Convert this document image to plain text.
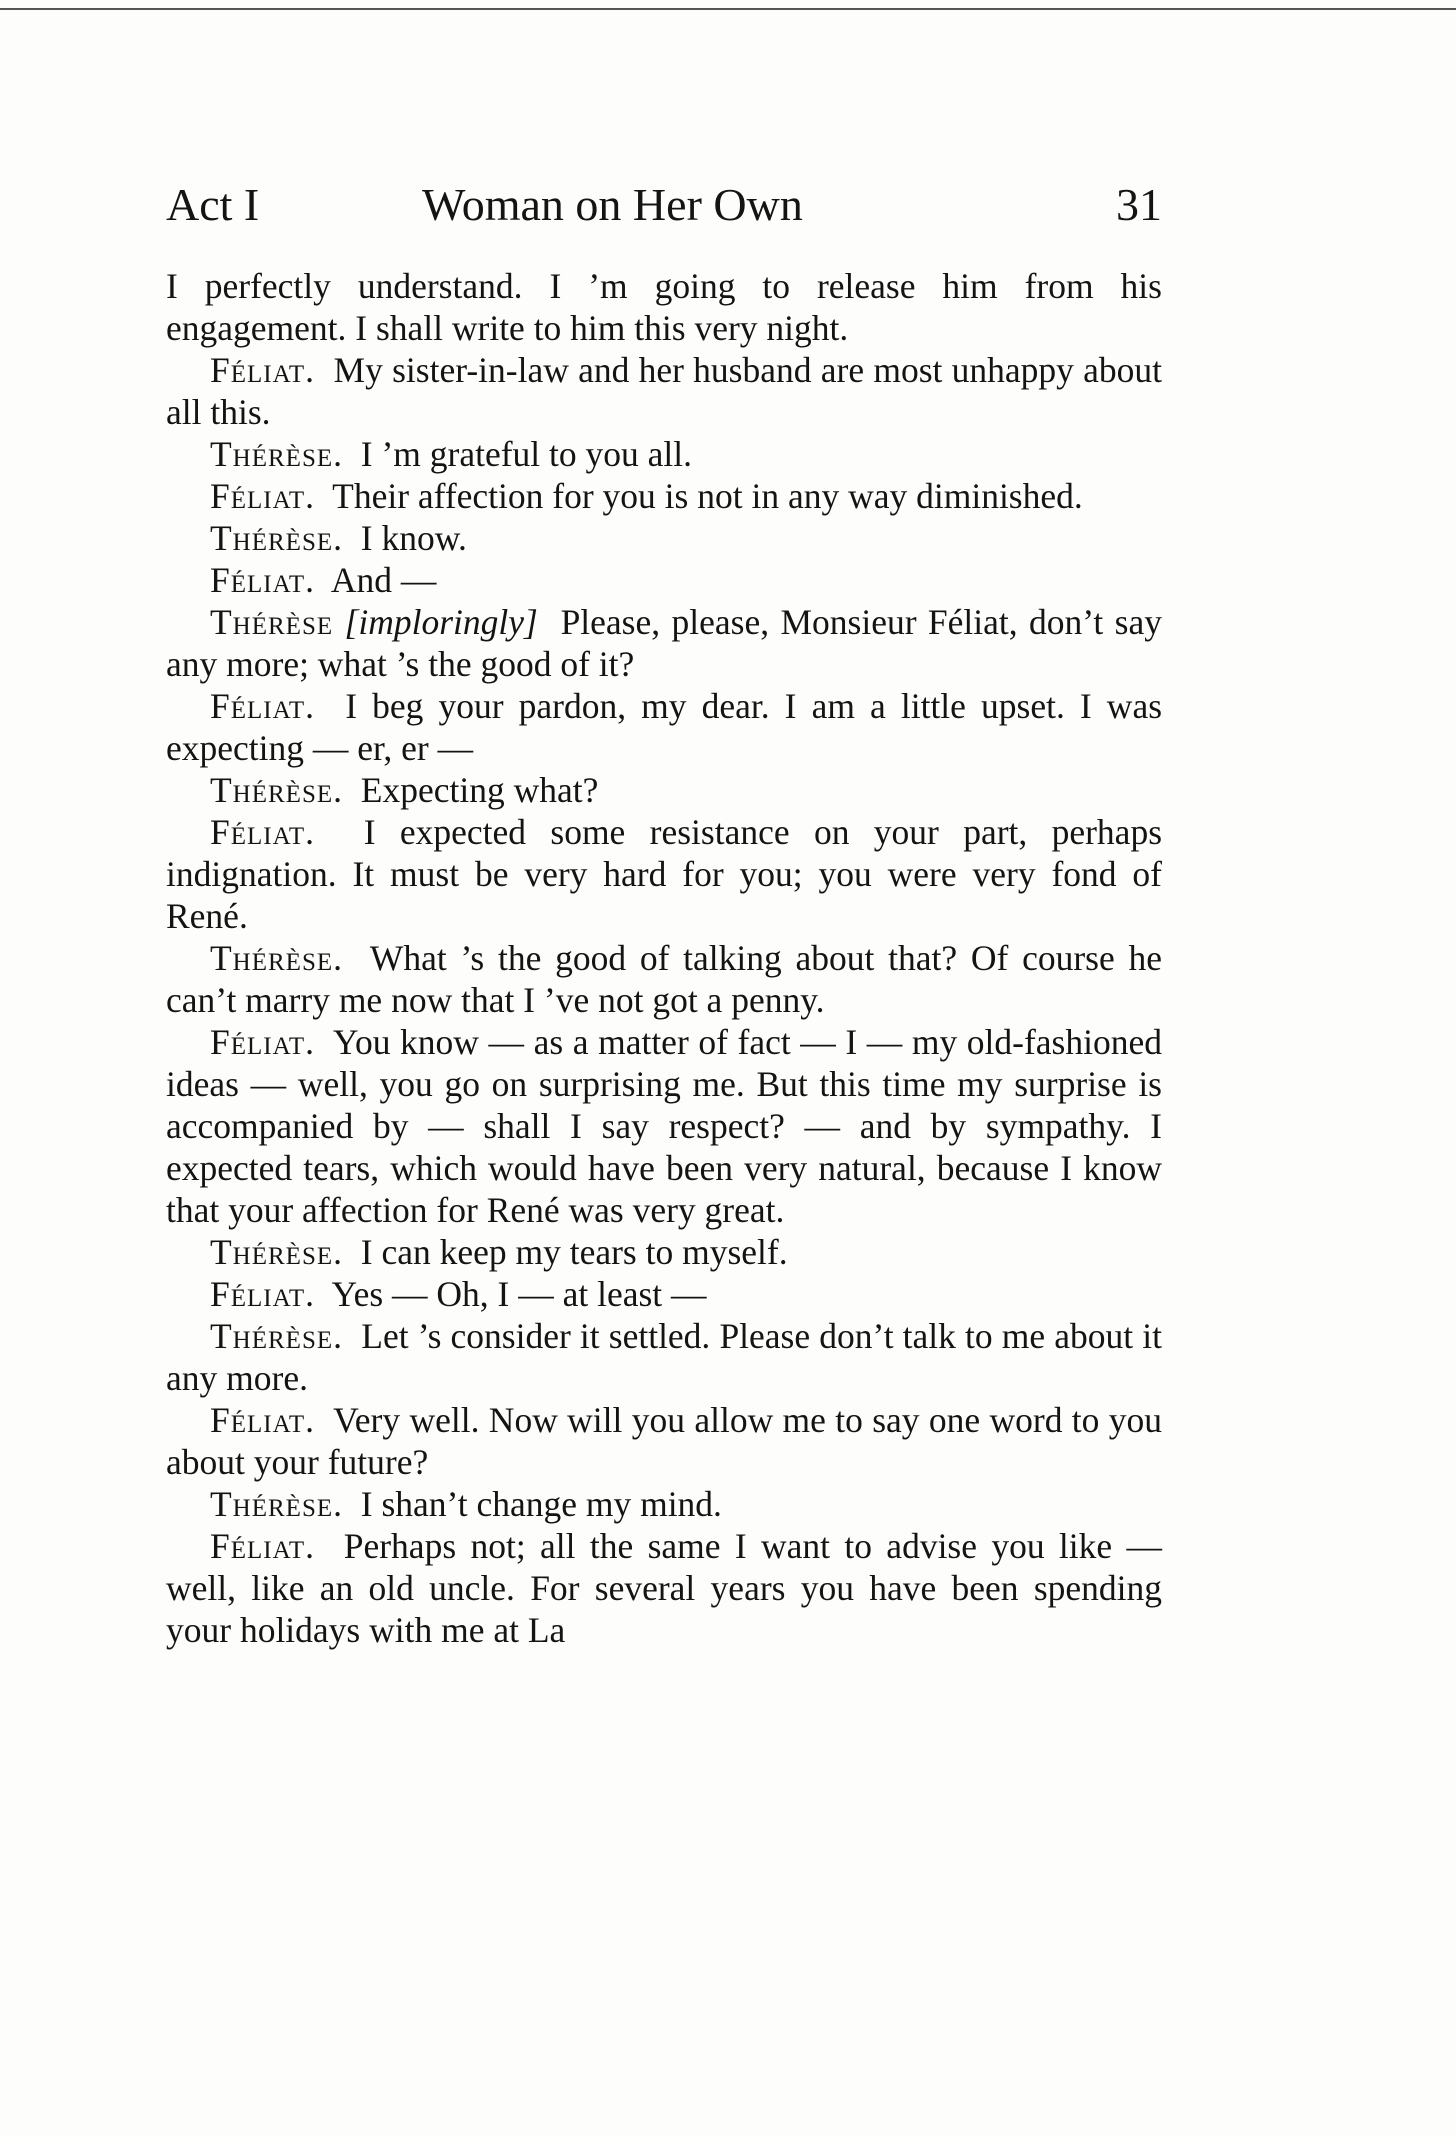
Act I	Woman on Her Own	31

I perfectly understand. I ’m going to release him from his engagement. I shall write to him this very night.

Féliat. My sister-in-law and her husband are most unhappy about all this.

Thérèse. I ’m grateful to you all.

Féliat. Their affection for you is not in any way diminished.

Thérèse. I know.

Féliat. And —

Thérèse [imploringly] Please, please, Monsieur Féliat, don’t say any more; what ’s the good of it?

Féliat. I beg your pardon, my dear. I am a little upset. I was expecting — er, er —

Thérèse. Expecting what?

Féliat. I expected some resistance on your part, perhaps indignation. It must be very hard for you; you were very fond of René.

Thérèse. What ’s the good of talking about that? Of course he can’t marry me now that I ’ve not got a penny.

Féliat. You know — as a matter of fact — I — my old-fashioned ideas — well, you go on surprising me. But this time my surprise is accompanied by — shall I say respect? — and by sympathy. I expected tears, which would have been very natural, because I know that your affection for René was very great.

Thérèse. I can keep my tears to myself.

Féliat. Yes — Oh, I — at least —

Thérèse. Let ’s consider it settled. Please don’t talk to me about it any more.

Féliat. Very well. Now will you allow me to say one word to you about your future?

Thérèse. I shan’t change my mind.

Féliat. Perhaps not; all the same I want to advise you like — well, like an old uncle. For several years you have been spending your holidays with me at La
